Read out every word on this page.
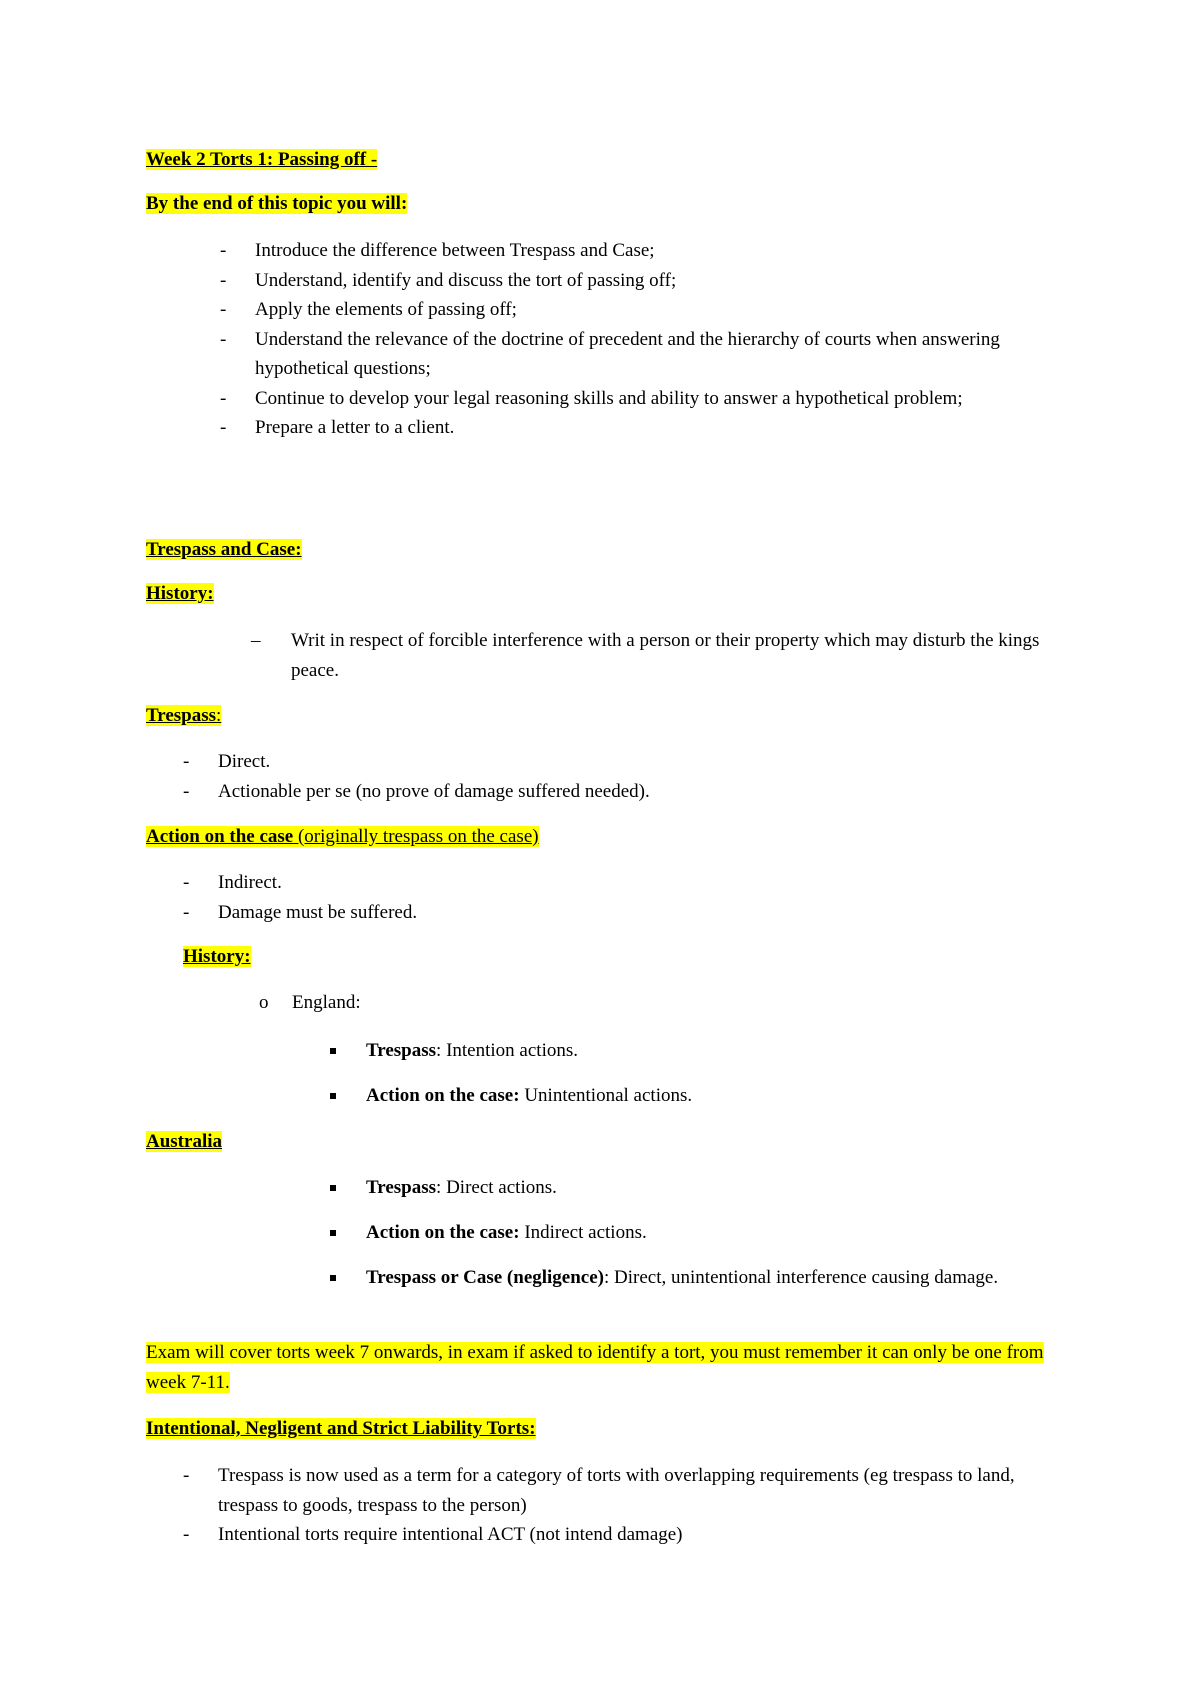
Week 2 Torts 1: Passing off -

By the end of this topic you will:

- Introduce the difference between Trespass and Case;
- Understand, identify and discuss the tort of passing off;
- Apply the elements of passing off;
- Understand the relevance of the doctrine of precedent and the hierarchy of courts when answering hypothetical questions;
- Continue to develop your legal reasoning skills and ability to answer a hypothetical problem;
- Prepare a letter to a client.

Trespass and Case:

History:

– Writ in respect of forcible interference with a person or their property which may disturb the kings peace.

Trespass:

- Direct.
- Actionable per se (no prove of damage suffered needed).

Action on the case (originally trespass on the case)

- Indirect.
- Damage must be suffered.

History:

o England:
Trespass: Intention actions.
Action on the case: Unintentional actions.

Australia

Trespass: Direct actions.
Action on the case: Indirect actions.
Trespass or Case (negligence): Direct, unintentional interference causing damage.

Exam will cover torts week 7 onwards, in exam if asked to identify a tort, you must remember it can only be one from week 7-11.

Intentional, Negligent and Strict Liability Torts:

- Trespass is now used as a term for a category of torts with overlapping requirements (eg trespass to land, trespass to goods, trespass to the person)
- Intentional torts require intentional ACT (not intend damage)
